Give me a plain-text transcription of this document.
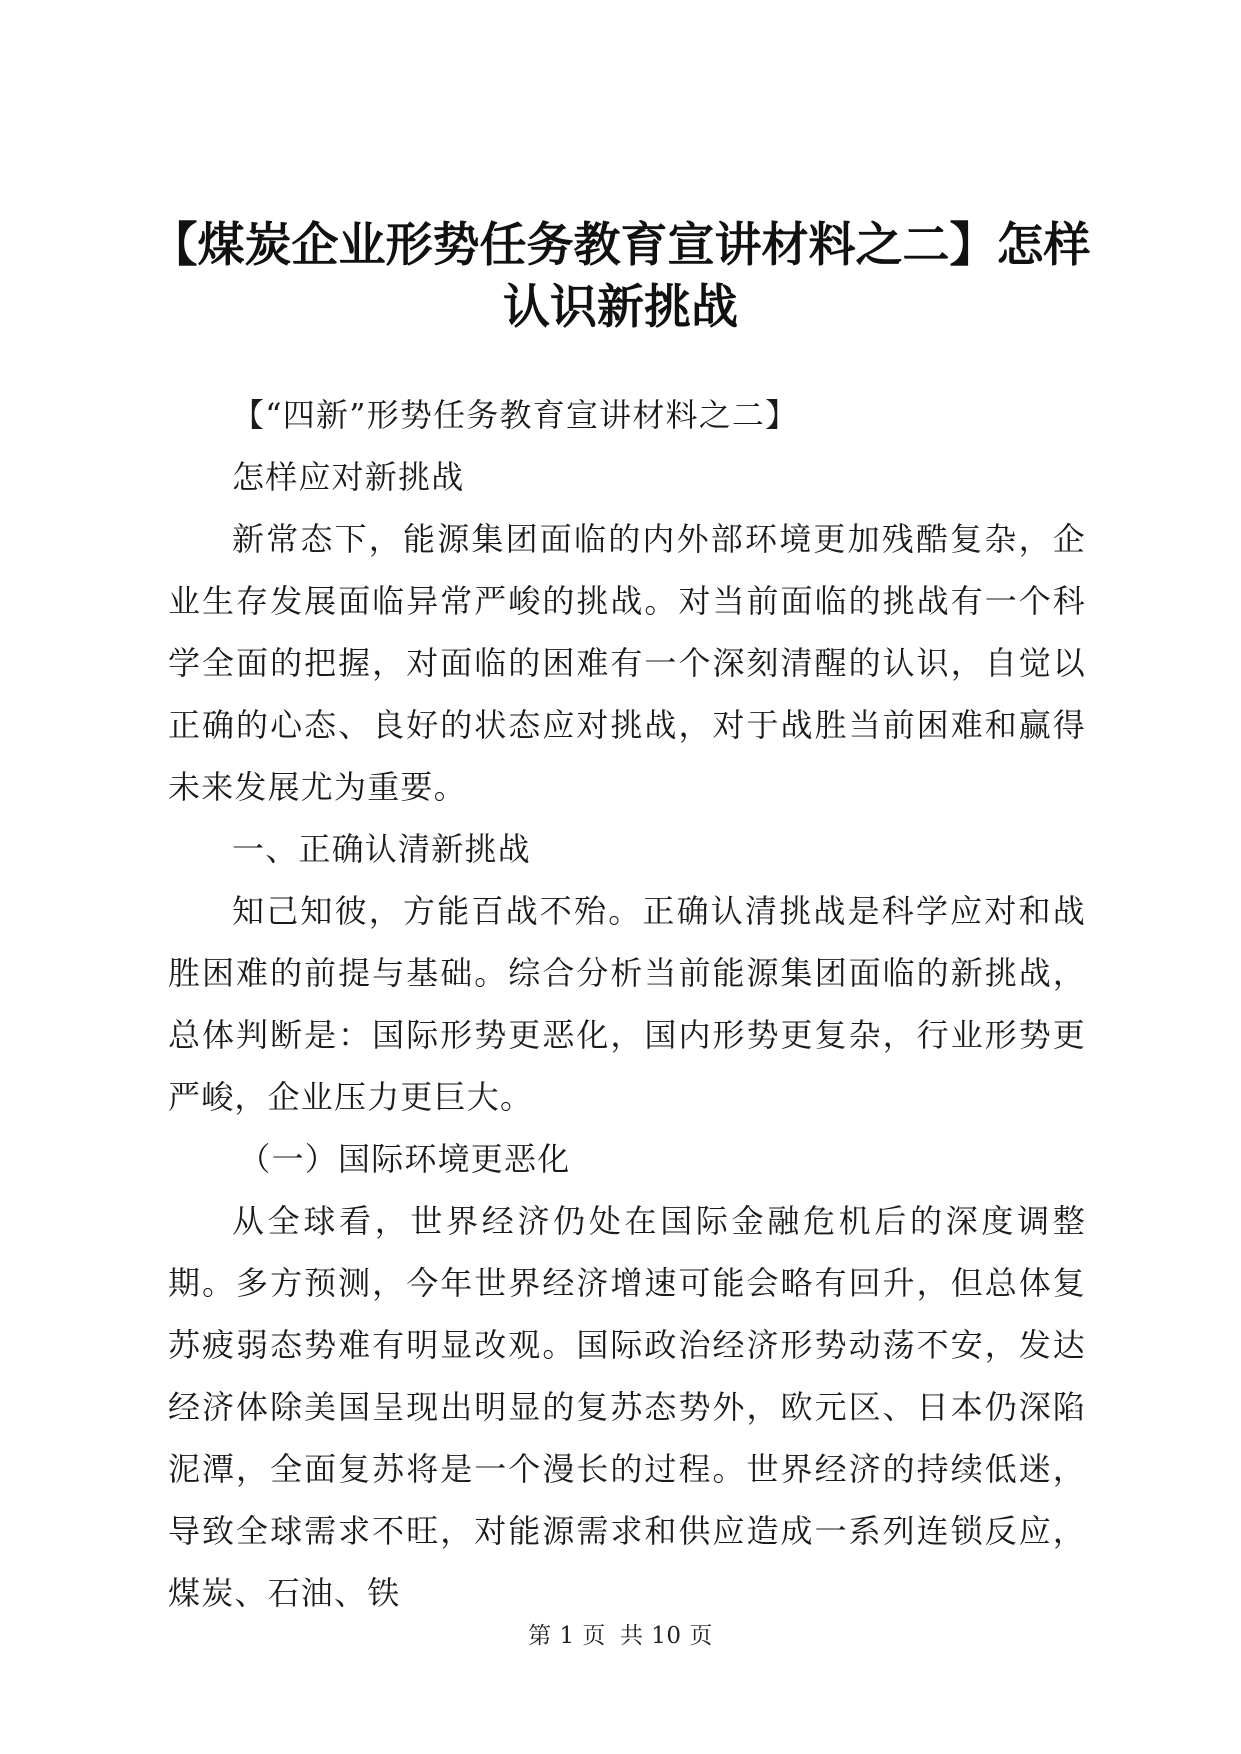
【煤炭企业形势任务教育宣讲材料之二】怎样
认识新挑战

【“四新”形势任务教育宣讲材料之二】

怎样应对新挑战

新常态下，能源集团面临的内外部环境更加残酷复杂，企业生存发展面临异常严峻的挑战。对当前面临的挑战有一个科学全面的把握，对面临的困难有一个深刻清醒的认识，自觉以正确的心态、良好的状态应对挑战，对于战胜当前困难和赢得未来发展尤为重要。

一、正确认清新挑战

知己知彼，方能百战不殆。正确认清挑战是科学应对和战胜困难的前提与基础。综合分析当前能源集团面临的新挑战，总体判断是：国际形势更恶化，国内形势更复杂，行业形势更严峻，企业压力更巨大。

（一）国际环境更恶化

从全球看，世界经济仍处在国际金融危机后的深度调整期。多方预测，今年世界经济增速可能会略有回升，但总体复苏疲弱态势难有明显改观。国际政治经济形势动荡不安，发达经济体除美国呈现出明显的复苏态势外，欧元区、日本仍深陷泥潭，全面复苏将是一个漫长的过程。世界经济的持续低迷，导致全球需求不旺，对能源需求和供应造成一系列连锁反应，煤炭、石油、铁

第 1 页 共 10 页
